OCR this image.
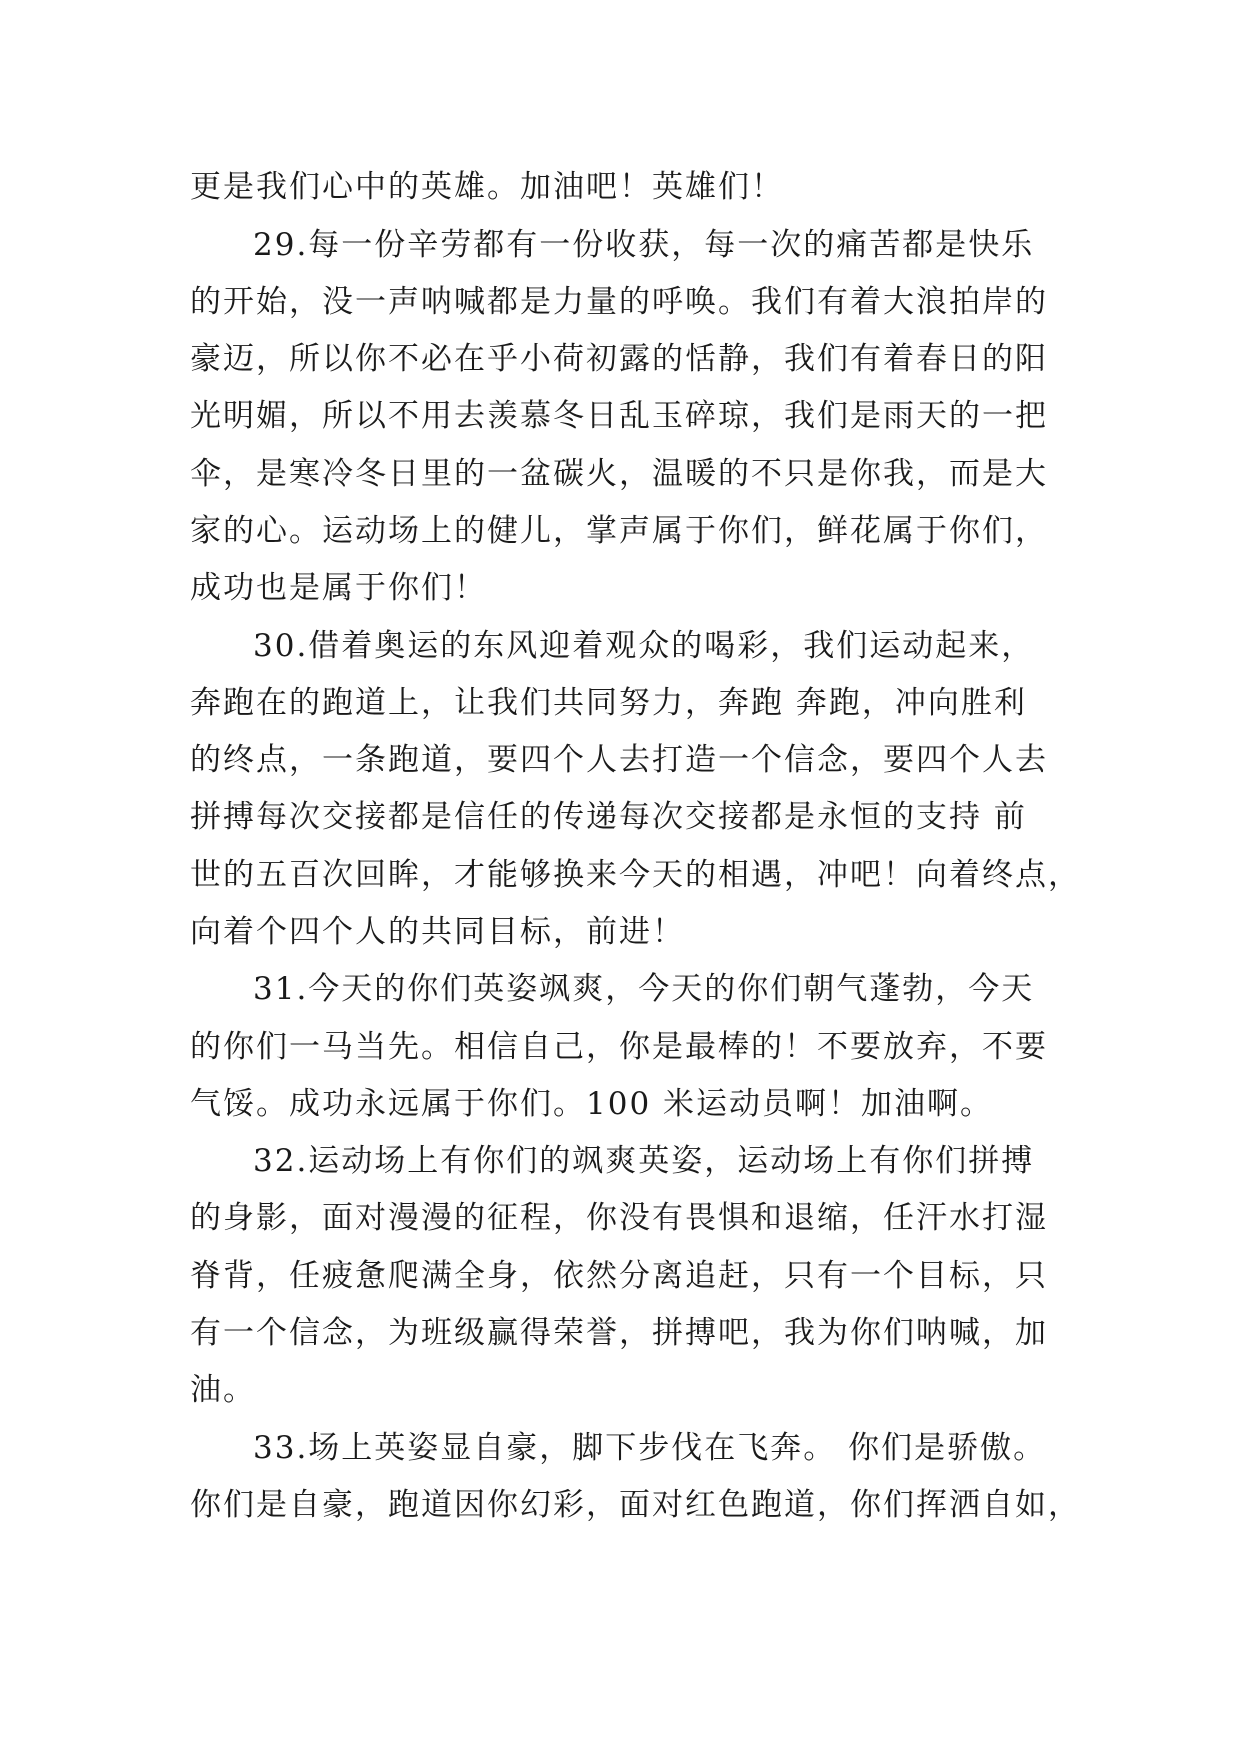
更是我们心中的英雄。加油吧！英雄们！
29.每一份辛劳都有一份收获，每一次的痛苦都是快乐
的开始，没一声呐喊都是力量的呼唤。我们有着大浪拍岸的
豪迈，所以你不必在乎小荷初露的恬静，我们有着春日的阳
光明媚，所以不用去羡慕冬日乱玉碎琼，我们是雨天的一把
伞，是寒冷冬日里的一盆碳火，温暖的不只是你我，而是大
家的心。运动场上的健儿，掌声属于你们，鲜花属于你们，
成功也是属于你们！
30.借着奥运的东风迎着观众的喝彩，我们运动起来，
奔跑在的跑道上，让我们共同努力，奔跑 奔跑，冲向胜利
的终点，一条跑道，要四个人去打造一个信念，要四个人去
拼搏每次交接都是信任的传递每次交接都是永恒的支持 前
世的五百次回眸，才能够换来今天的相遇，冲吧！向着终点，
向着个四个人的共同目标，前进！
31.今天的你们英姿飒爽，今天的你们朝气蓬勃，今天
的你们一马当先。相信自己，你是最棒的！不要放弃，不要
气馁。成功永远属于你们。100 米运动员啊！加油啊。
32.运动场上有你们的飒爽英姿，运动场上有你们拼搏
的身影，面对漫漫的征程，你没有畏惧和退缩，任汗水打湿
脊背，任疲惫爬满全身，依然分离追赶，只有一个目标，只
有一个信念，为班级赢得荣誉，拼搏吧，我为你们呐喊，加
油。
33.场上英姿显自豪，脚下步伐在飞奔。 你们是骄傲。
你们是自豪，跑道因你幻彩，面对红色跑道，你们挥洒自如，
